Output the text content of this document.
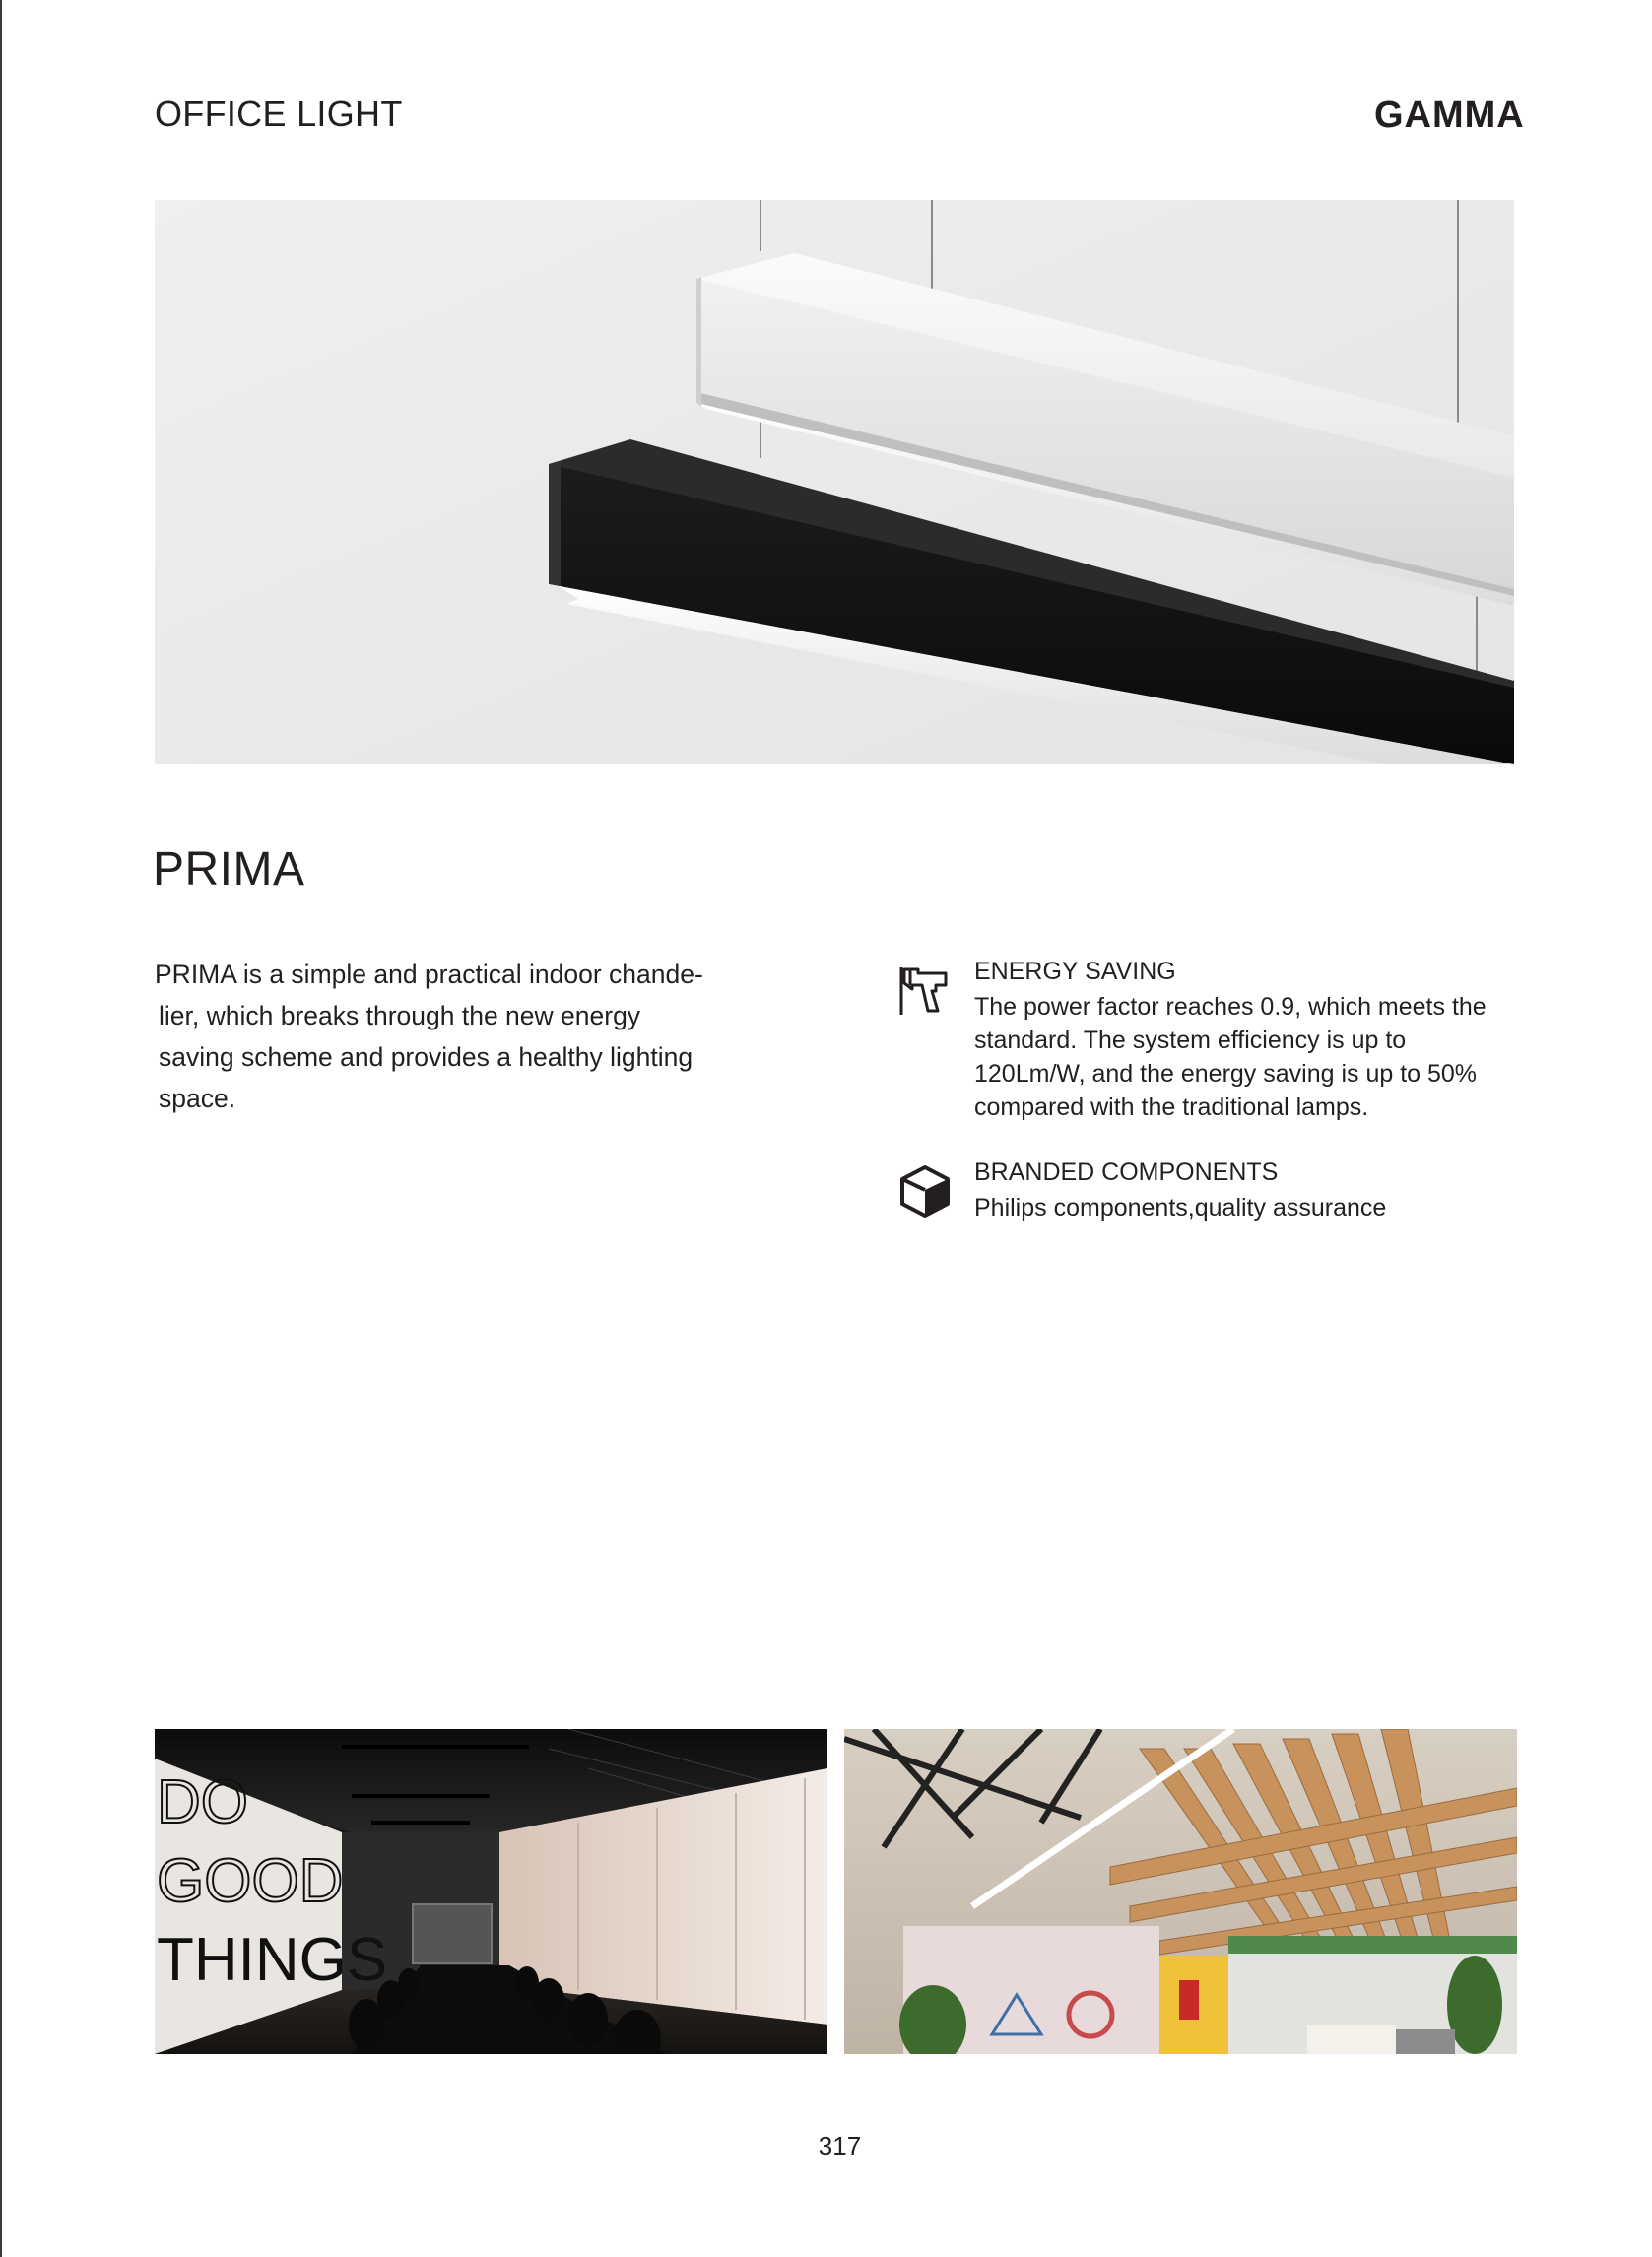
OFFICE LIGHT	GAMMA
PRIMA

PRIMA is a simple and practical indoor chande-
lier, which breaks through the new energy
saving scheme and provides a healthy lighting
space.

ENERGY SAVING

The power factor reaches 0.9, which meets the
standard. The system efficiency is up to
120Lm/W, and the energy saving is up to 50%
compared with the traditional lamps.

BRANDED COMPONENTS

Philips components,quality assurance

DO
GOOD
THINGS
317
